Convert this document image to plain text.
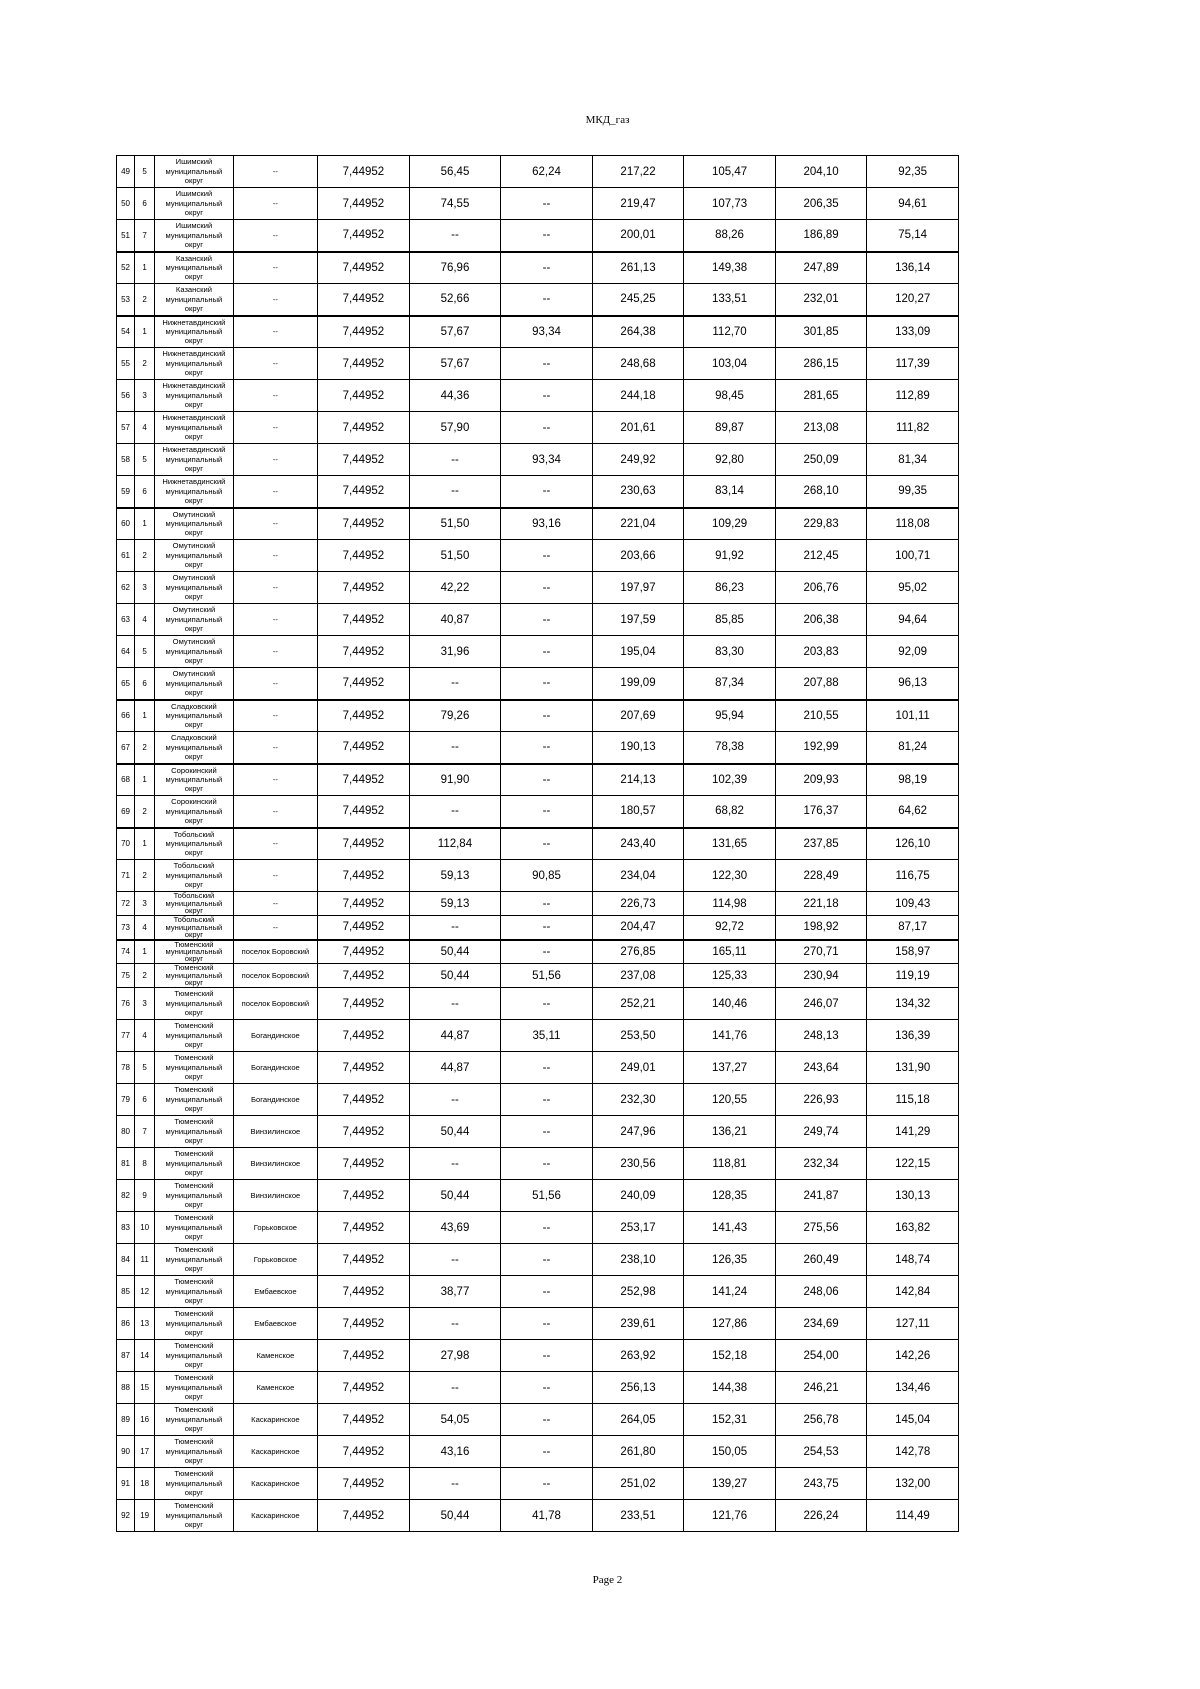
МКД_газ
49	5	Ишимский
муниципальный
округ	--	7,44952	56,45	62,24	217,22	105,47	204,10	92,35
50	6	Ишимский
муниципальный
округ	--	7,44952	74,55	--	219,47	107,73	206,35	94,61
51	7	Ишимский
муниципальный
округ	--	7,44952	--	--	200,01	88,26	186,89	75,14
52	1	Казанский
муниципальный
округ	--	7,44952	76,96	--	261,13	149,38	247,89	136,14
53	2	Казанский
муниципальный
округ	--	7,44952	52,66	--	245,25	133,51	232,01	120,27
54	1	Нижнетавдинский
муниципальный
округ	--	7,44952	57,67	93,34	264,38	112,70	301,85	133,09
55	2	Нижнетавдинский
муниципальный
округ	--	7,44952	57,67	--	248,68	103,04	286,15	117,39
56	3	Нижнетавдинский
муниципальный
округ	--	7,44952	44,36	--	244,18	98,45	281,65	112,89
57	4	Нижнетавдинский
муниципальный
округ	--	7,44952	57,90	--	201,61	89,87	213,08	111,82
58	5	Нижнетавдинский
муниципальный
округ	--	7,44952	--	93,34	249,92	92,80	250,09	81,34
59	6	Нижнетавдинский
муниципальный
округ	--	7,44952	--	--	230,63	83,14	268,10	99,35
60	1	Омутинский
муниципальный
округ	--	7,44952	51,50	93,16	221,04	109,29	229,83	118,08
61	2	Омутинский
муниципальный
округ	--	7,44952	51,50	--	203,66	91,92	212,45	100,71
62	3	Омутинский
муниципальный
округ	--	7,44952	42,22	--	197,97	86,23	206,76	95,02
63	4	Омутинский
муниципальный
округ	--	7,44952	40,87	--	197,59	85,85	206,38	94,64
64	5	Омутинский
муниципальный
округ	--	7,44952	31,96	--	195,04	83,30	203,83	92,09
65	6	Омутинский
муниципальный
округ	--	7,44952	--	--	199,09	87,34	207,88	96,13
66	1	Сладковский
муниципальный
округ	--	7,44952	79,26	--	207,69	95,94	210,55	101,11
67	2	Сладковский
муниципальный
округ	--	7,44952	--	--	190,13	78,38	192,99	81,24
68	1	Сорокинский
муниципальный
округ	--	7,44952	91,90	--	214,13	102,39	209,93	98,19
69	2	Сорокинский
муниципальный
округ	--	7,44952	--	--	180,57	68,82	176,37	64,62
70	1	Тобольский
муниципальный
округ	--	7,44952	112,84	--	243,40	131,65	237,85	126,10
71	2	Тобольский
муниципальный
округ	--	7,44952	59,13	90,85	234,04	122,30	228,49	116,75
72	3	Тобольский
муниципальный
округ	--	7,44952	59,13	--	226,73	114,98	221,18	109,43
73	4	Тобольский
муниципальный
округ	--	7,44952	--	--	204,47	92,72	198,92	87,17
74	1	Тюменский
муниципальный
округ	поселок Боровский	7,44952	50,44	--	276,85	165,11	270,71	158,97
75	2	Тюменский
муниципальный
округ	поселок Боровский	7,44952	50,44	51,56	237,08	125,33	230,94	119,19
76	3	Тюменский
муниципальный
округ	поселок Боровский	7,44952	--	--	252,21	140,46	246,07	134,32
77	4	Тюменский
муниципальный
округ	Богандинское	7,44952	44,87	35,11	253,50	141,76	248,13	136,39
78	5	Тюменский
муниципальный
округ	Богандинское	7,44952	44,87	--	249,01	137,27	243,64	131,90
79	6	Тюменский
муниципальный
округ	Богандинское	7,44952	--	--	232,30	120,55	226,93	115,18
80	7	Тюменский
муниципальный
округ	Винзилинское	7,44952	50,44	--	247,96	136,21	249,74	141,29
81	8	Тюменский
муниципальный
округ	Винзилинское	7,44952	--	--	230,56	118,81	232,34	122,15
82	9	Тюменский
муниципальный
округ	Винзилинское	7,44952	50,44	51,56	240,09	128,35	241,87	130,13
83	10	Тюменский
муниципальный
округ	Горьковское	7,44952	43,69	--	253,17	141,43	275,56	163,82
84	11	Тюменский
муниципальный
округ	Горьковское	7,44952	--	--	238,10	126,35	260,49	148,74
85	12	Тюменский
муниципальный
округ	Ембаевское	7,44952	38,77	--	252,98	141,24	248,06	142,84
86	13	Тюменский
муниципальный
округ	Ембаевское	7,44952	--	--	239,61	127,86	234,69	127,11
87	14	Тюменский
муниципальный
округ	Каменское	7,44952	27,98	--	263,92	152,18	254,00	142,26
88	15	Тюменский
муниципальный
округ	Каменское	7,44952	--	--	256,13	144,38	246,21	134,46
89	16	Тюменский
муниципальный
округ	Каскаринское	7,44952	54,05	--	264,05	152,31	256,78	145,04
90	17	Тюменский
муниципальный
округ	Каскаринское	7,44952	43,16	--	261,80	150,05	254,53	142,78
91	18	Тюменский
муниципальный
округ	Каскаринское	7,44952	--	--	251,02	139,27	243,75	132,00
92	19	Тюменский
муниципальный
округ	Каскаринское	7,44952	50,44	41,78	233,51	121,76	226,24	114,49
Page 2
